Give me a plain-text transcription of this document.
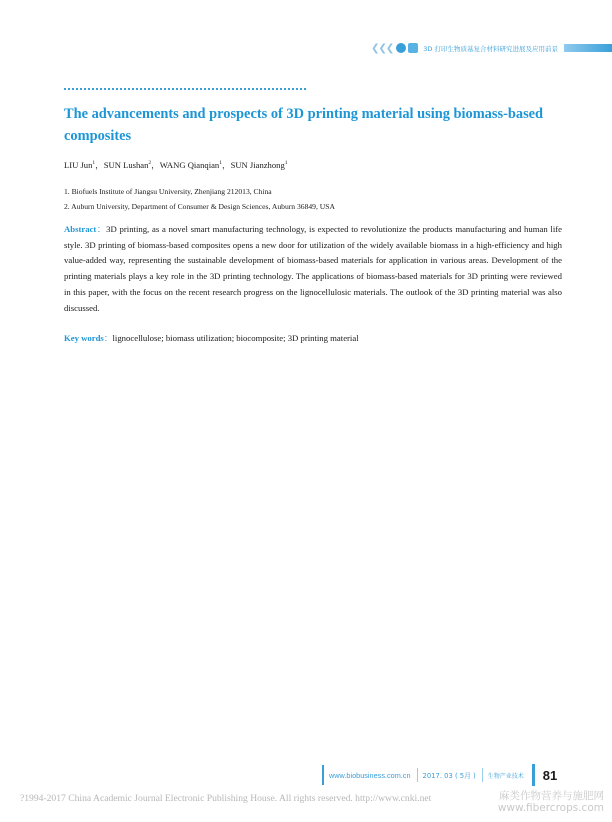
❮❮❮	3D 打印生物质基复合材料研究进展及应用前景
The advancements and prospects of 3D printing material using biomass-based composites
LIU Jun$^1$，SUN Lushan$^2$，WANG Qianqian$^1$，SUN Jianzhong$^1$
1. Biofuels Institute of Jiangsu University, Zhenjiang 212013, China
2. Auburn University, Department of Consumer & Design Sciences, Auburn 36849, USA

Abstract：3D printing, as a novel smart manufacturing technology, is expected to revolutionize the products manufacturing and human life style. 3D printing of biomass-based composites opens a new door for utilization of the widely available biomass in a high-efficiency and high value-added way, representing the sustainable development of biomass-based materials for application in various areas. Development of the printing materials plays a key role in the 3D printing technology. The applications of biomass-based materials for 3D printing were reviewed in this paper, with the focus on the recent research progress on the lignocellulosic materials. The outlook of the 3D printing material was also discussed.

Key words：lignocellulose; biomass utilization; biocomposite; 3D printing material
www.biobusiness.com.cn 2017. 03 ( 5月 ) 生物产业技术 81
?1994-2017 China Academic Journal Electronic Publishing House. All rights reserved. http://www.cnki.net	麻类作物营养与施肥网
www.fibercrops.com
